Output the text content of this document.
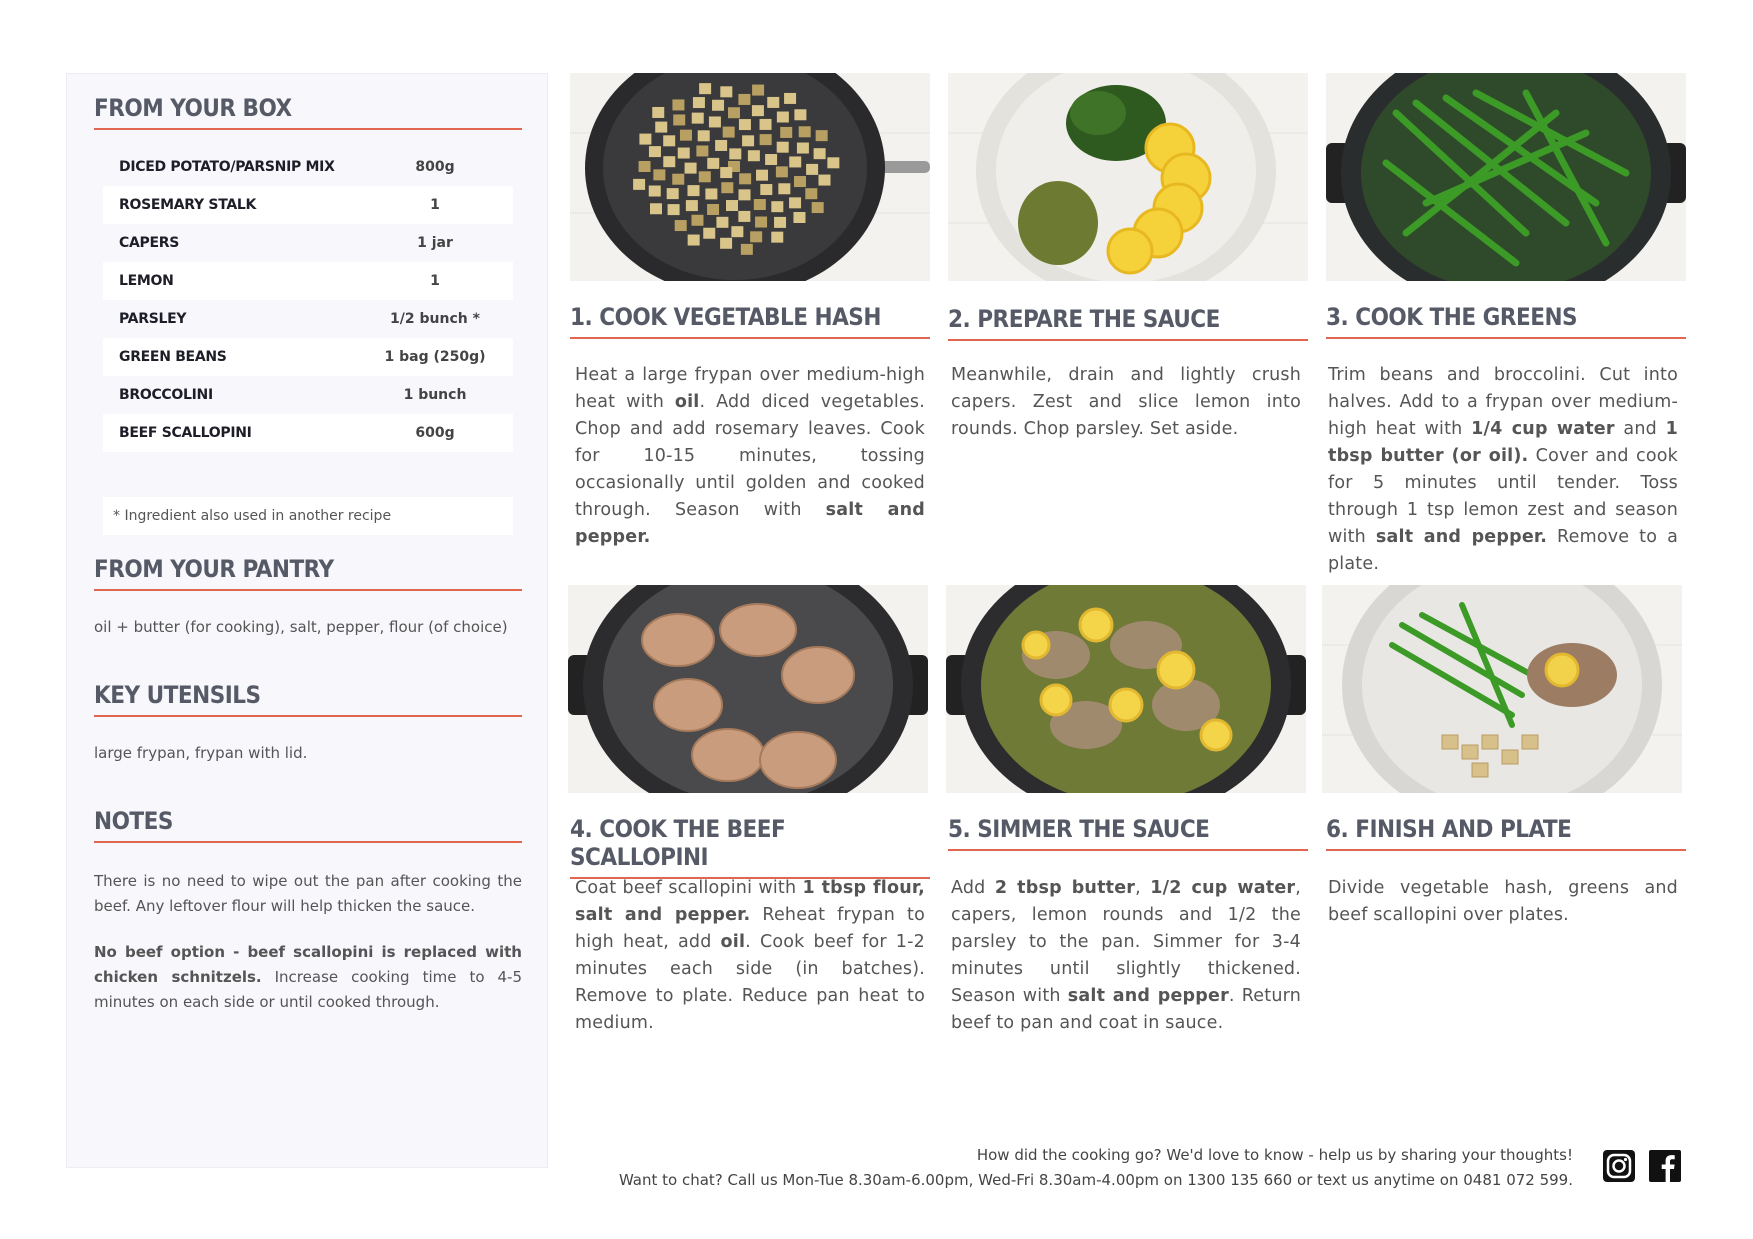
FROM YOUR BOX
DICED POTATO/PARSNIP MIX	800g
ROSEMARY STALK	1
CAPERS	1 jar
LEMON	1
PARSLEY	1/2 bunch *
GREEN BEANS	1 bag (250g)
BROCCOLINI	1 bunch
BEEF SCALLOPINI	600g
* Ingredient also used in another recipe
FROM YOUR PANTRY
oil + butter (for cooking), salt, pepper, flour (of choice)
KEY UTENSILS
large frypan, frypan with lid.
NOTES
There is no need to wipe out the pan after cooking the beef. Any leftover flour will help thicken the sauce.
No beef option - beef scallopini is replaced with chicken schnitzels. Increase cooking time to 4-5 minutes on each side or until cooked through.
1. COOK VEGETABLE HASH	2. PREPARE THE SAUCE	3. COOK THE GREENS
4. COOK THE BEEF SCALLOPINI
5. SIMMER THE SAUCE	6. FINISH AND PLATE
Heat a large frypan over medium-high heat with oil. Add diced vegetables. Chop and add rosemary leaves. Cook for 10-15 minutes, tossing occasionally until golden and cooked through. Season with salt and pepper.
Meanwhile, drain and lightly crush capers. Zest and slice lemon into rounds. Chop parsley. Set aside.
Trim beans and broccolini. Cut into halves. Add to a frypan over medium-high heat with 1/4 cup water and 1 tbsp butter (or oil). Cover and cook for 5 minutes until tender. Toss through 1 tsp lemon zest and season with salt and pepper. Remove to a plate.
Coat beef scallopini with 1 tbsp flour, salt and pepper. Reheat frypan to high heat, add oil. Cook beef for 1-2 minutes each side (in batches). Remove to plate. Reduce pan heat to medium.
Add 2 tbsp butter, 1/2 cup water, capers, lemon rounds and 1/2 the parsley to the pan. Simmer for 3-4 minutes until slightly thickened. Season with salt and pepper. Return beef to pan and coat in sauce.
Divide vegetable hash, greens and beef scallopini over plates.
How did the cooking go? We'd love to know - help us by sharing your thoughts!
Want to chat? Call us Mon-Tue 8.30am-6.00pm, Wed-Fri 8.30am-4.00pm on 1300 135 660 or text us anytime on 0481 072 599.
